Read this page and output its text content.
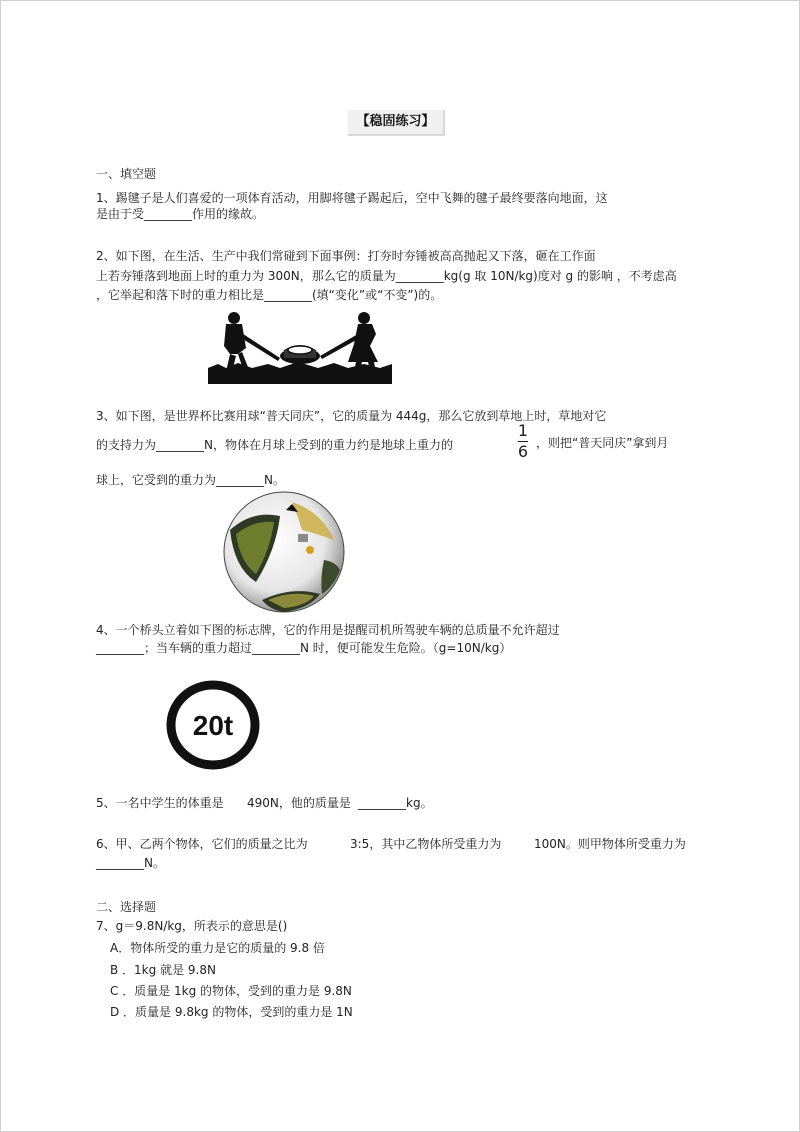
【稳固练习】
一、填空题
1、踢毽子是人们喜爱的一项体育活动，用脚将毽子踢起后，空中飞舞的毽子最终要落向地面，这
是由于受________作用的缘故。
2、如下图，在生活、生产中我们常碰到下面事例：打夯时夯锤被高高抛起又下落，砸在工作面
上若夯锤落到地面上时的重力为 300N，那么它的质量为________kg(g 取 10N/kg)度对 g 的影响 ，不考虑高
，它举起和落下时的重力相比是________(填“变化”或“不变”)的。
3、如下图，是世界杯比赛用球“普天同庆”，它的质量为 444g，那么它放到草地上时，草地对它
的支持力为________N，物体在月球上受到的重力约是地球上重力的
1
6 ，则把“普天同庆”拿到月
球上，它受到的重力为________N。
4、一个桥头立着如下图的标志牌，它的作用是提醒司机所驾驶车辆的总质量不允许超过
________；当车辆的重力超过________N 时，便可能发生危险。（g=10N/kg）
20t
5、一名中学生的体重是 490N，他的质量是 ________kg。
6、甲、乙两个物体，它们的质量之比为	3:5，其中乙物体所受重力为	100N。则甲物体所受重力为
________N。
二、选择题
7、g＝9.8N/kg，所表示的意思是()
A．物体所受的重力是它的质量的 9.8 倍
B ．1kg 就是 9.8N
C ．质量是 1kg 的物体，受到的重力是 9.8N
D ．质量是 9.8kg 的物体，受到的重力是 1N
